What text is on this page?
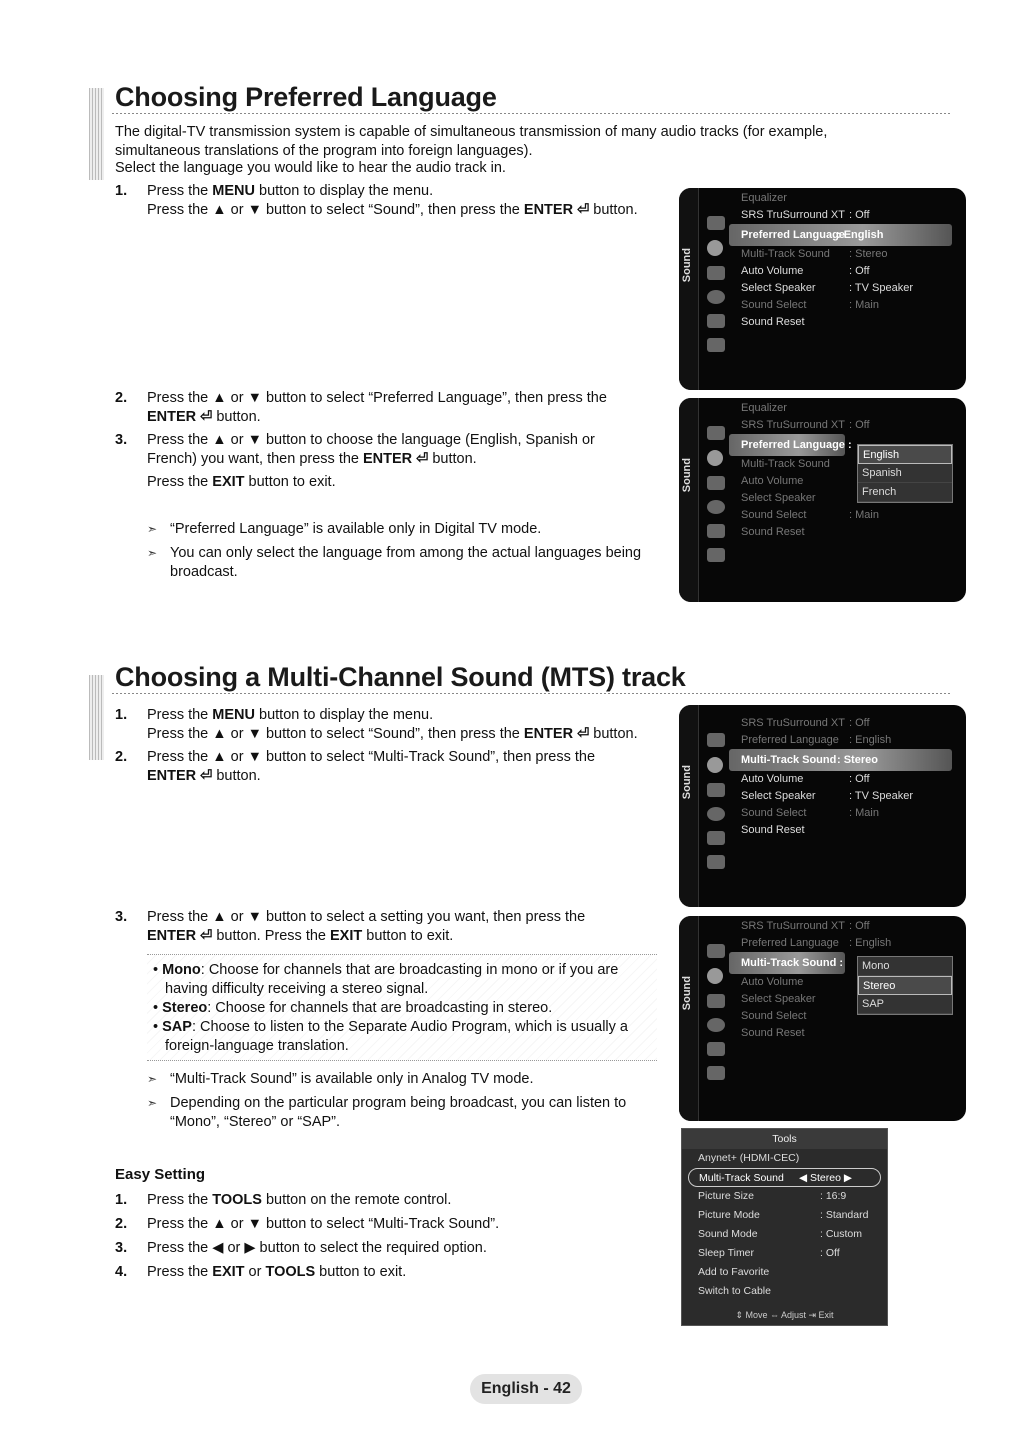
Choosing Preferred Language
The digital-TV transmission system is capable of simultaneous transmission of many audio tracks (for example, simultaneous translations of the program into foreign languages).
Select the language you would like to hear the audio track in.
1. Press the MENU button to display the menu.
Press the ▲ or ▼ button to select “Sound”, then press the ENTER ⏎ button.
2. Press the ▲ or ▼ button to select “Preferred Language”, then press the ENTER ⏎ button.
3. Press the ▲ or ▼ button to choose the language (English, Spanish or French) you want, then press the ENTER ⏎ button.
Press the EXIT button to exit.
➣ “Preferred Language” is available only in Digital TV mode.
➣ You can only select the language from among the actual languages being broadcast.
Sound
Equalizer
SRS TruSurround XT : Off
Preferred Language
: English
Multi-Track Sound : Stereo
Auto Volume	: Off
Select Speaker	: TV Speaker
Sound Select	: Main
Sound Reset
Sound
Equalizer
SRS TruSurround XT : Off
Preferred Language :
Multi-Track Sound
Auto Volume
Select Speaker
Sound Select	: Main
Sound Reset
English
Spanish
French
Choosing a Multi-Channel Sound (MTS) track
1. Press the MENU button to display the menu.
Press the ▲ or ▼ button to select “Sound”, then press the ENTER ⏎ button.
2. Press the ▲ or ▼ button to select “Multi-Track Sound”, then press the ENTER ⏎ button.
3. Press the ▲ or ▼ button to select a setting you want, then press the ENTER ⏎ button. Press the EXIT button to exit.
• Mono: Choose for channels that are broadcasting in mono or if you are having difficulty receiving a stereo signal.
• Stereo: Choose for channels that are broadcasting in stereo.
• SAP: Choose to listen to the Separate Audio Program, which is usually a foreign-language translation.
➣ “Multi-Track Sound” is available only in Analog TV mode.
➣ Depending on the particular program being broadcast, you can listen to “Mono”, “Stereo” or “SAP”.
Sound
SRS TruSurround XT : Off
Preferred Language : English
Multi-Track Sound : Stereo
Auto Volume	: Off
Select Speaker	: TV Speaker
Sound Select	: Main
Sound Reset
Sound
SRS TruSurround XT : Off
Preferred Language : English
Multi-Track Sound :
Auto Volume
Select Speaker
Sound Select
Sound Reset
Mono
Stereo
SAP
Easy Setting
1. Press the TOOLS button on the remote control.
2. Press the ▲ or ▼ button to select “Multi-Track Sound”.
3. Press the ◀ or ▶ button to select the required option.
4. Press the EXIT or TOOLS button to exit.
Tools
Anynet+ (HDMI-CEC)
Multi-Track Sound ◀ Stereo ▶
Picture Size	: 16:9
Picture Mode	: Standard
Sound Mode	: Custom
Sleep Timer	: Off
Add to Favorite
Switch to Cable
⇕ Move ⇔ Adjust ⇥ Exit
English - 42
